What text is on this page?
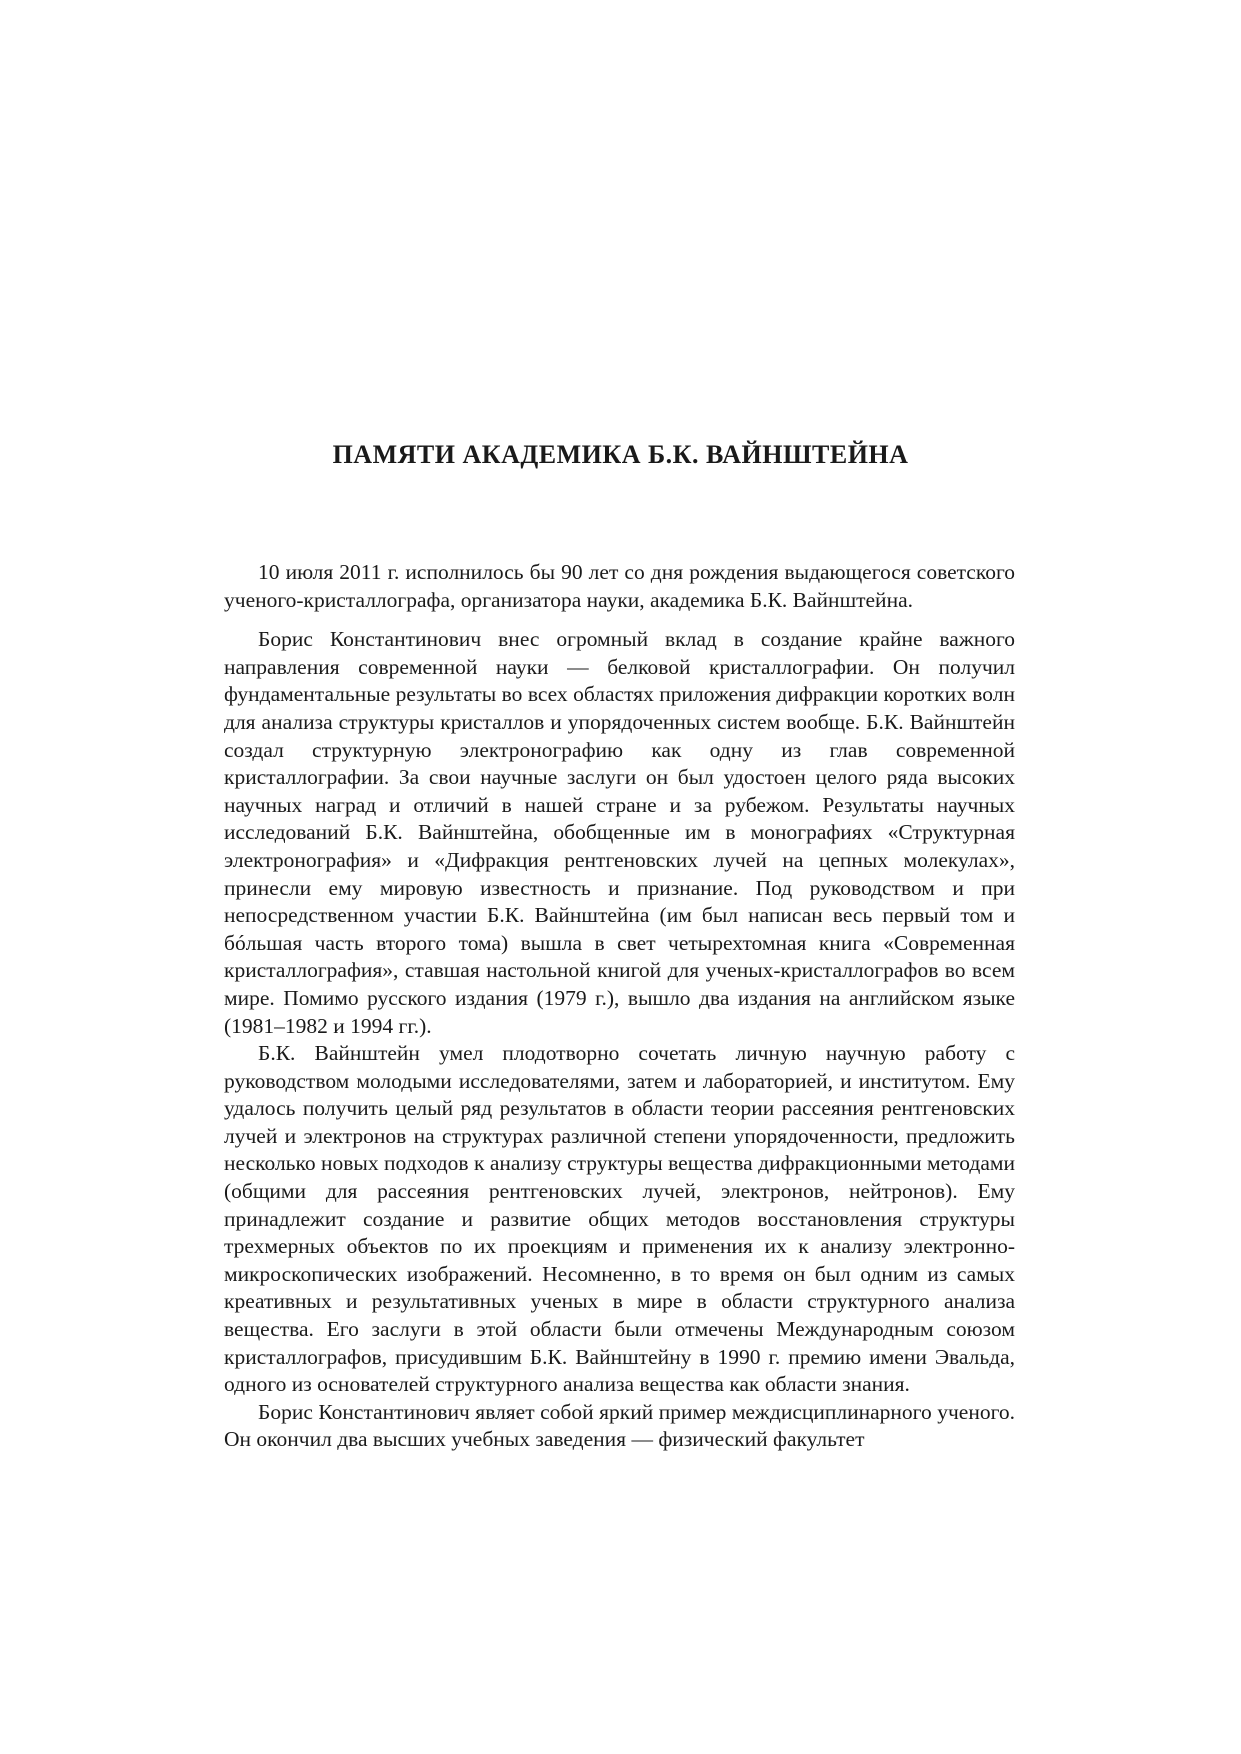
ПАМЯТИ АКАДЕМИКА Б.К. ВАЙНШТЕЙНА

10 июля 2011 г. исполнилось бы 90 лет со дня рождения выдающегося советского ученого-кристаллографа, организатора науки, академика Б.К. Вайнштейна.

Борис Константинович внес огромный вклад в создание крайне важного направления современной науки — белковой кристаллографии. Он получил фундаментальные результаты во всех областях приложения дифракции коротких волн для анализа структуры кристаллов и упорядоченных систем вообще. Б.К. Вайнштейн создал структурную электронографию как одну из глав современной кристаллографии. За свои научные заслуги он был удостоен целого ряда высоких научных наград и отличий в нашей стране и за рубежом. Результаты научных исследований Б.К. Вайнштейна, обобщенные им в монографиях «Структурная электронография» и «Дифракция рентгеновских лучей на цепных молекулах», принесли ему мировую известность и признание. Под руководством и при непосредственном участии Б.К. Вайнштейна (им был написан весь первый том и бóльшая часть второго тома) вышла в свет четырехтомная книга «Современная кристаллография», ставшая настольной книгой для ученых-кристаллографов во всем мире. Помимо русского издания (1979 г.), вышло два издания на английском языке (1981–1982 и 1994 гг.).

Б.К. Вайнштейн умел плодотворно сочетать личную научную работу с руководством молодыми исследователями, затем и лабораторией, и институтом. Ему удалось получить целый ряд результатов в области теории рассеяния рентгеновских лучей и электронов на структурах различной степени упорядоченности, предложить несколько новых подходов к анализу структуры вещества дифракционными методами (общими для рассеяния рентгеновских лучей, электронов, нейтронов). Ему принадлежит создание и развитие общих методов восстановления структуры трехмерных объектов по их проекциям и применения их к анализу электронно-микроскопических изображений. Несомненно, в то время он был одним из самых креативных и результативных ученых в мире в области структурного анализа вещества. Его заслуги в этой области были отмечены Международным союзом кристаллографов, присудившим Б.К. Вайнштейну в 1990 г. премию имени Эвальда, одного из основателей структурного анализа вещества как области знания.

Борис Константинович являет собой яркий пример междисциплинарного ученого. Он окончил два высших учебных заведения — физический факультет
